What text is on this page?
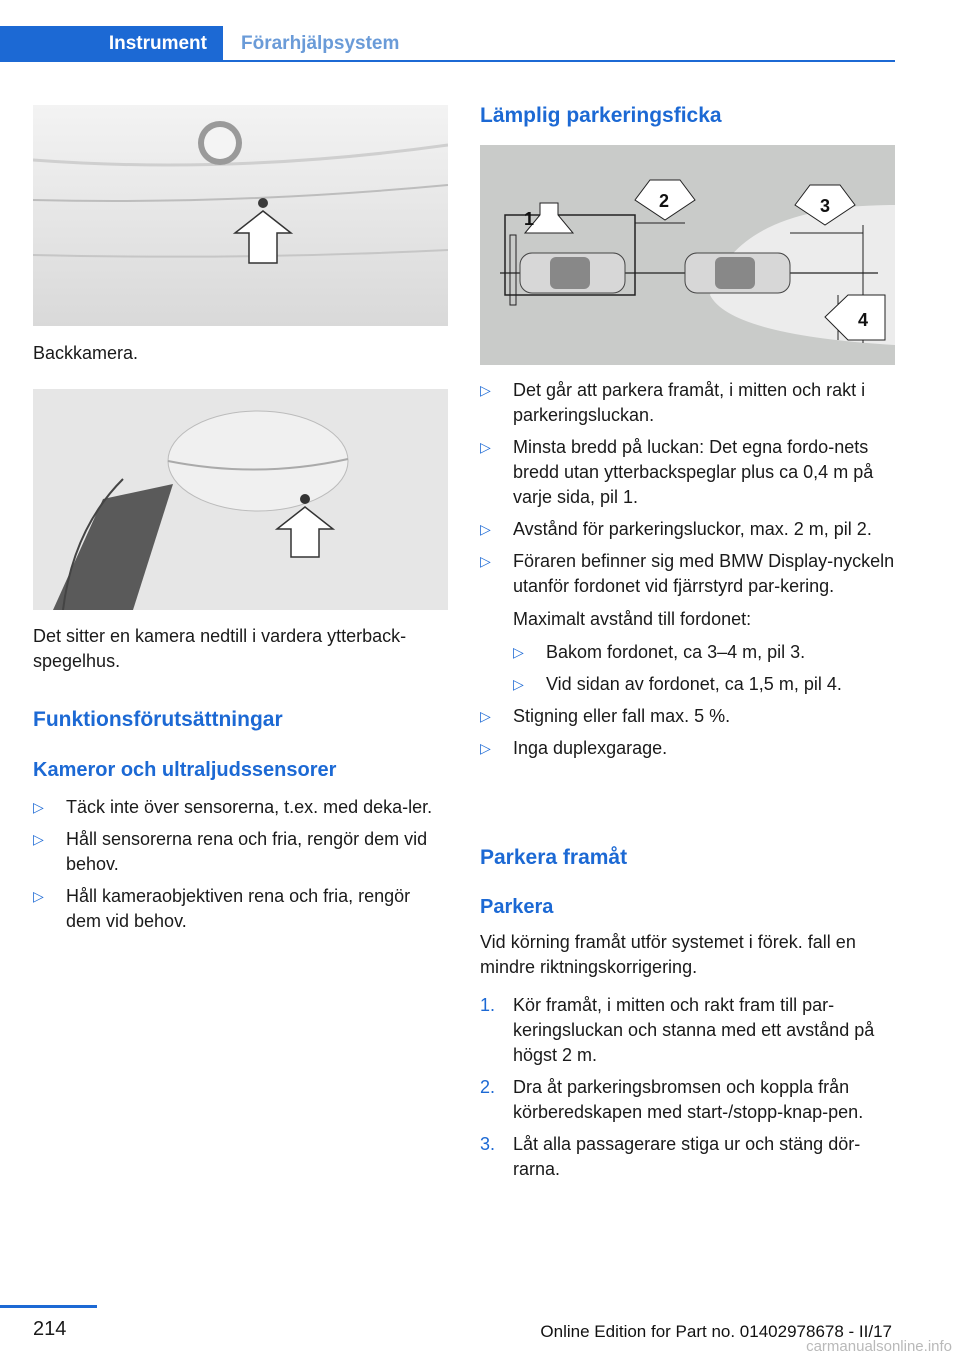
Instrument Förarhjälpsystem

Backkamera.

Det sitter en kamera nedtill i vardera ytterback-spegelhus.

Funktionsförutsättningar
Kameror och ultraljudssensorer
▷ Täck inte över sensorerna, t.ex. med deka-ler.
▷ Håll sensorerna rena och fria, rengör dem vid behov.
▷ Håll kameraobjektiven rena och fria, rengör dem vid behov.
Lämplig parkeringsficka
1
2	3
4
▷ Det går att parkera framåt, i mitten och rakt i parkeringsluckan.
▷ Minsta bredd på luckan: Det egna fordo-nets bredd utan ytterbackspeglar plus ca 0,4 m på varje sida, pil 1.
▷ Avstånd för parkeringsluckor, max. 2 m, pil 2.
▷ Föraren befinner sig med BMW Display-nyckeln utanför fordonet vid fjärrstyrd par-kering.
Maximalt avstånd till fordonet:
▷ Bakom fordonet, ca 3–4 m, pil 3.
▷ Vid sidan av fordonet, ca 1,5 m, pil 4.
▷ Stigning eller fall max. 5 %.
▷ Inga duplexgarage.
Parkera framåt
Parkera

Vid körning framåt utför systemet i förek. fall en mindre riktningskorrigering.

1. Kör framåt, i mitten och rakt fram till par-keringsluckan och stanna med ett avstånd på högst 2 m.
2. Dra åt parkeringsbromsen och koppla från körberedskapen med start-/stopp-knap-pen.
3. Låt alla passagerare stiga ur och stäng dör-rarna.
214	Online Edition for Part no. 01402978678 - II/17
carmanualsonline.info
